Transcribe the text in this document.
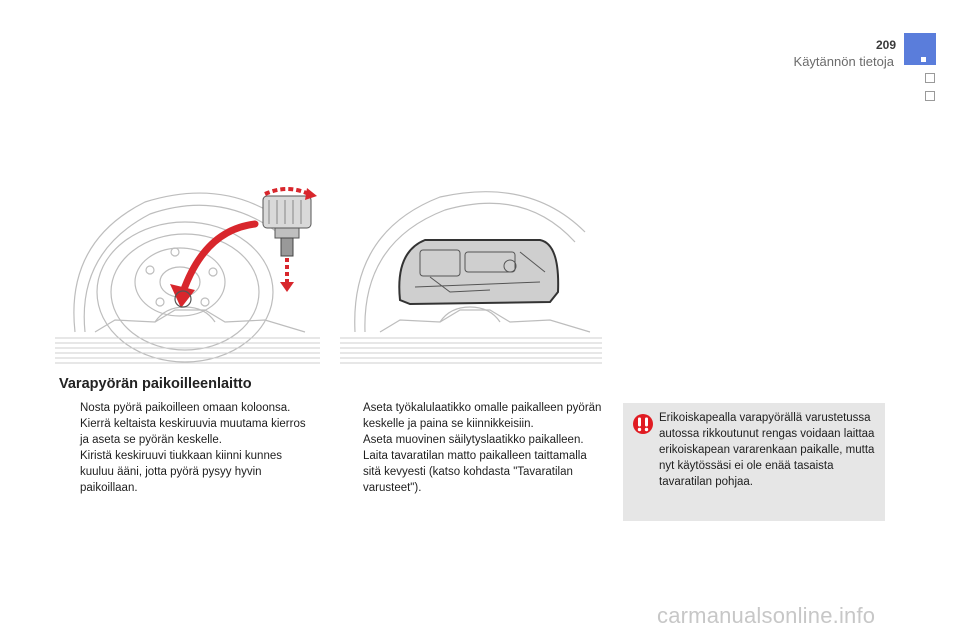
209
Käytännön tietoja
Varapyörän paikoilleenlaitto
Nosta pyörä paikoilleen omaan koloonsa.
Kierrä keltaista keskiruuvia muutama kierros ja aseta se pyörän keskelle.
Kiristä keskiruuvi tiukkaan kiinni kunnes kuuluu ääni, jotta pyörä pysyy hyvin paikoillaan.
Aseta työkalulaatikko omalle paikalleen pyörän keskelle ja paina se kiinnikkeisiin.
Aseta muovinen säilytyslaatikko paikalleen.
Laita tavaratilan matto paikalleen taittamalla sitä kevyesti (katso kohdasta "Tavaratilan varusteet").

Erikoiskapealla varapyörällä varustetussa autossa rikkoutunut rengas voidaan laittaa erikoiskapean vararenkaan paikalle, mutta nyt käytössäsi ei ole enää tasaista tavaratilan pohjaa.

carmanualsonline.info
